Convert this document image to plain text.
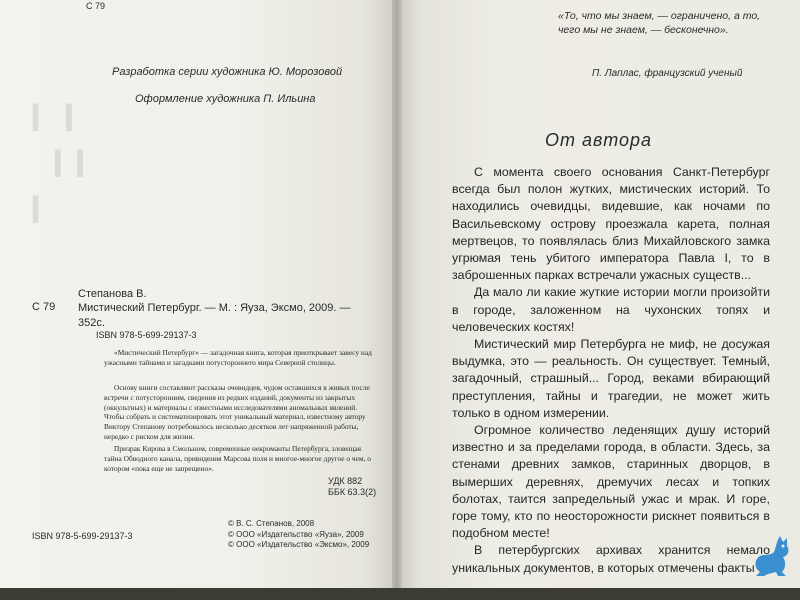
Ι  Ι
Ι Ι
Ι
С 79
Разработка серии художника Ю. Морозовой
Оформление художника П. Ильина
Степанова В.
С 79 Мистический Петербург. — М. : Яуза, Эксмо, 2009. —
352с.
ISBN 978-5-699-29137-3
«Мистический Петербург» — загадочная книга, которая приоткрывает завесу над ужасными тайнами и загадками потустороннего мира Северной столицы.
Основу книги составляют рассказы очевидцев, чудом оставшихся в живых после встречи с потусторонним, сведения из редких изданий, документы из закрытых (оккультных) и материалы с известными исследователями аномальных явлений. Чтобы собрать и систематизировать этот уникальный материал, известному автору Виктору Степанову потребовалось несколько десятков лет напряженной работы, нередко с риском для жизни.
Призрак Кирова в Смольном, современные некроманты Петербурга, зловещая тайна Обводного канала, привидения Марсова поля и многое-многое другое о чем, о котором «пока еще не запрещено».
УДК 882
ББК 63.3(2)
ISBN 978-5-699-29137-3
© В. С. Степанов, 2008
© ООО «Издательство «Яуза», 2009
© ООО «Издательство «Эксмо», 2009
«То, что мы знаем, — ограничено, а то, чего мы не знаем, — бесконечно».
П. Лаплас, французский ученый
От автора

С момента своего основания Санкт-Петербург всегда был полон жутких, мистических историй. То находились очевидцы, видевшие, как ночами по Васильевскому острову проезжала карета, полная мертвецов, то появлялась близ Михайловского замка угрюмая тень убитого императора Павла I, то в заброшенных парках встречали ужасных существ...

Да мало ли какие жуткие истории могли произойти в городе, заложенном на чухонских топях и человеческих костях!

Мистический мир Петербурга не миф, не досужая выдумка, это — реальность. Он существует. Темный, загадочный, страшный... Город, веками вбирающий преступления, тайны и трагедии, не может жить только в одном измерении.

Огромное количество леденящих душу историй известно и за пределами города, в области. Здесь, за стенами древних замков, старинных дворцов, в вымерших деревнях, дремучих лесах и топких болотах, таится запредельный ужас и мрак. И горе, горе тому, кто по неосторожности рискнет появиться в подобном месте!

В петербургских архивах хранится немало уникальных документов, в которых отмечены факты
